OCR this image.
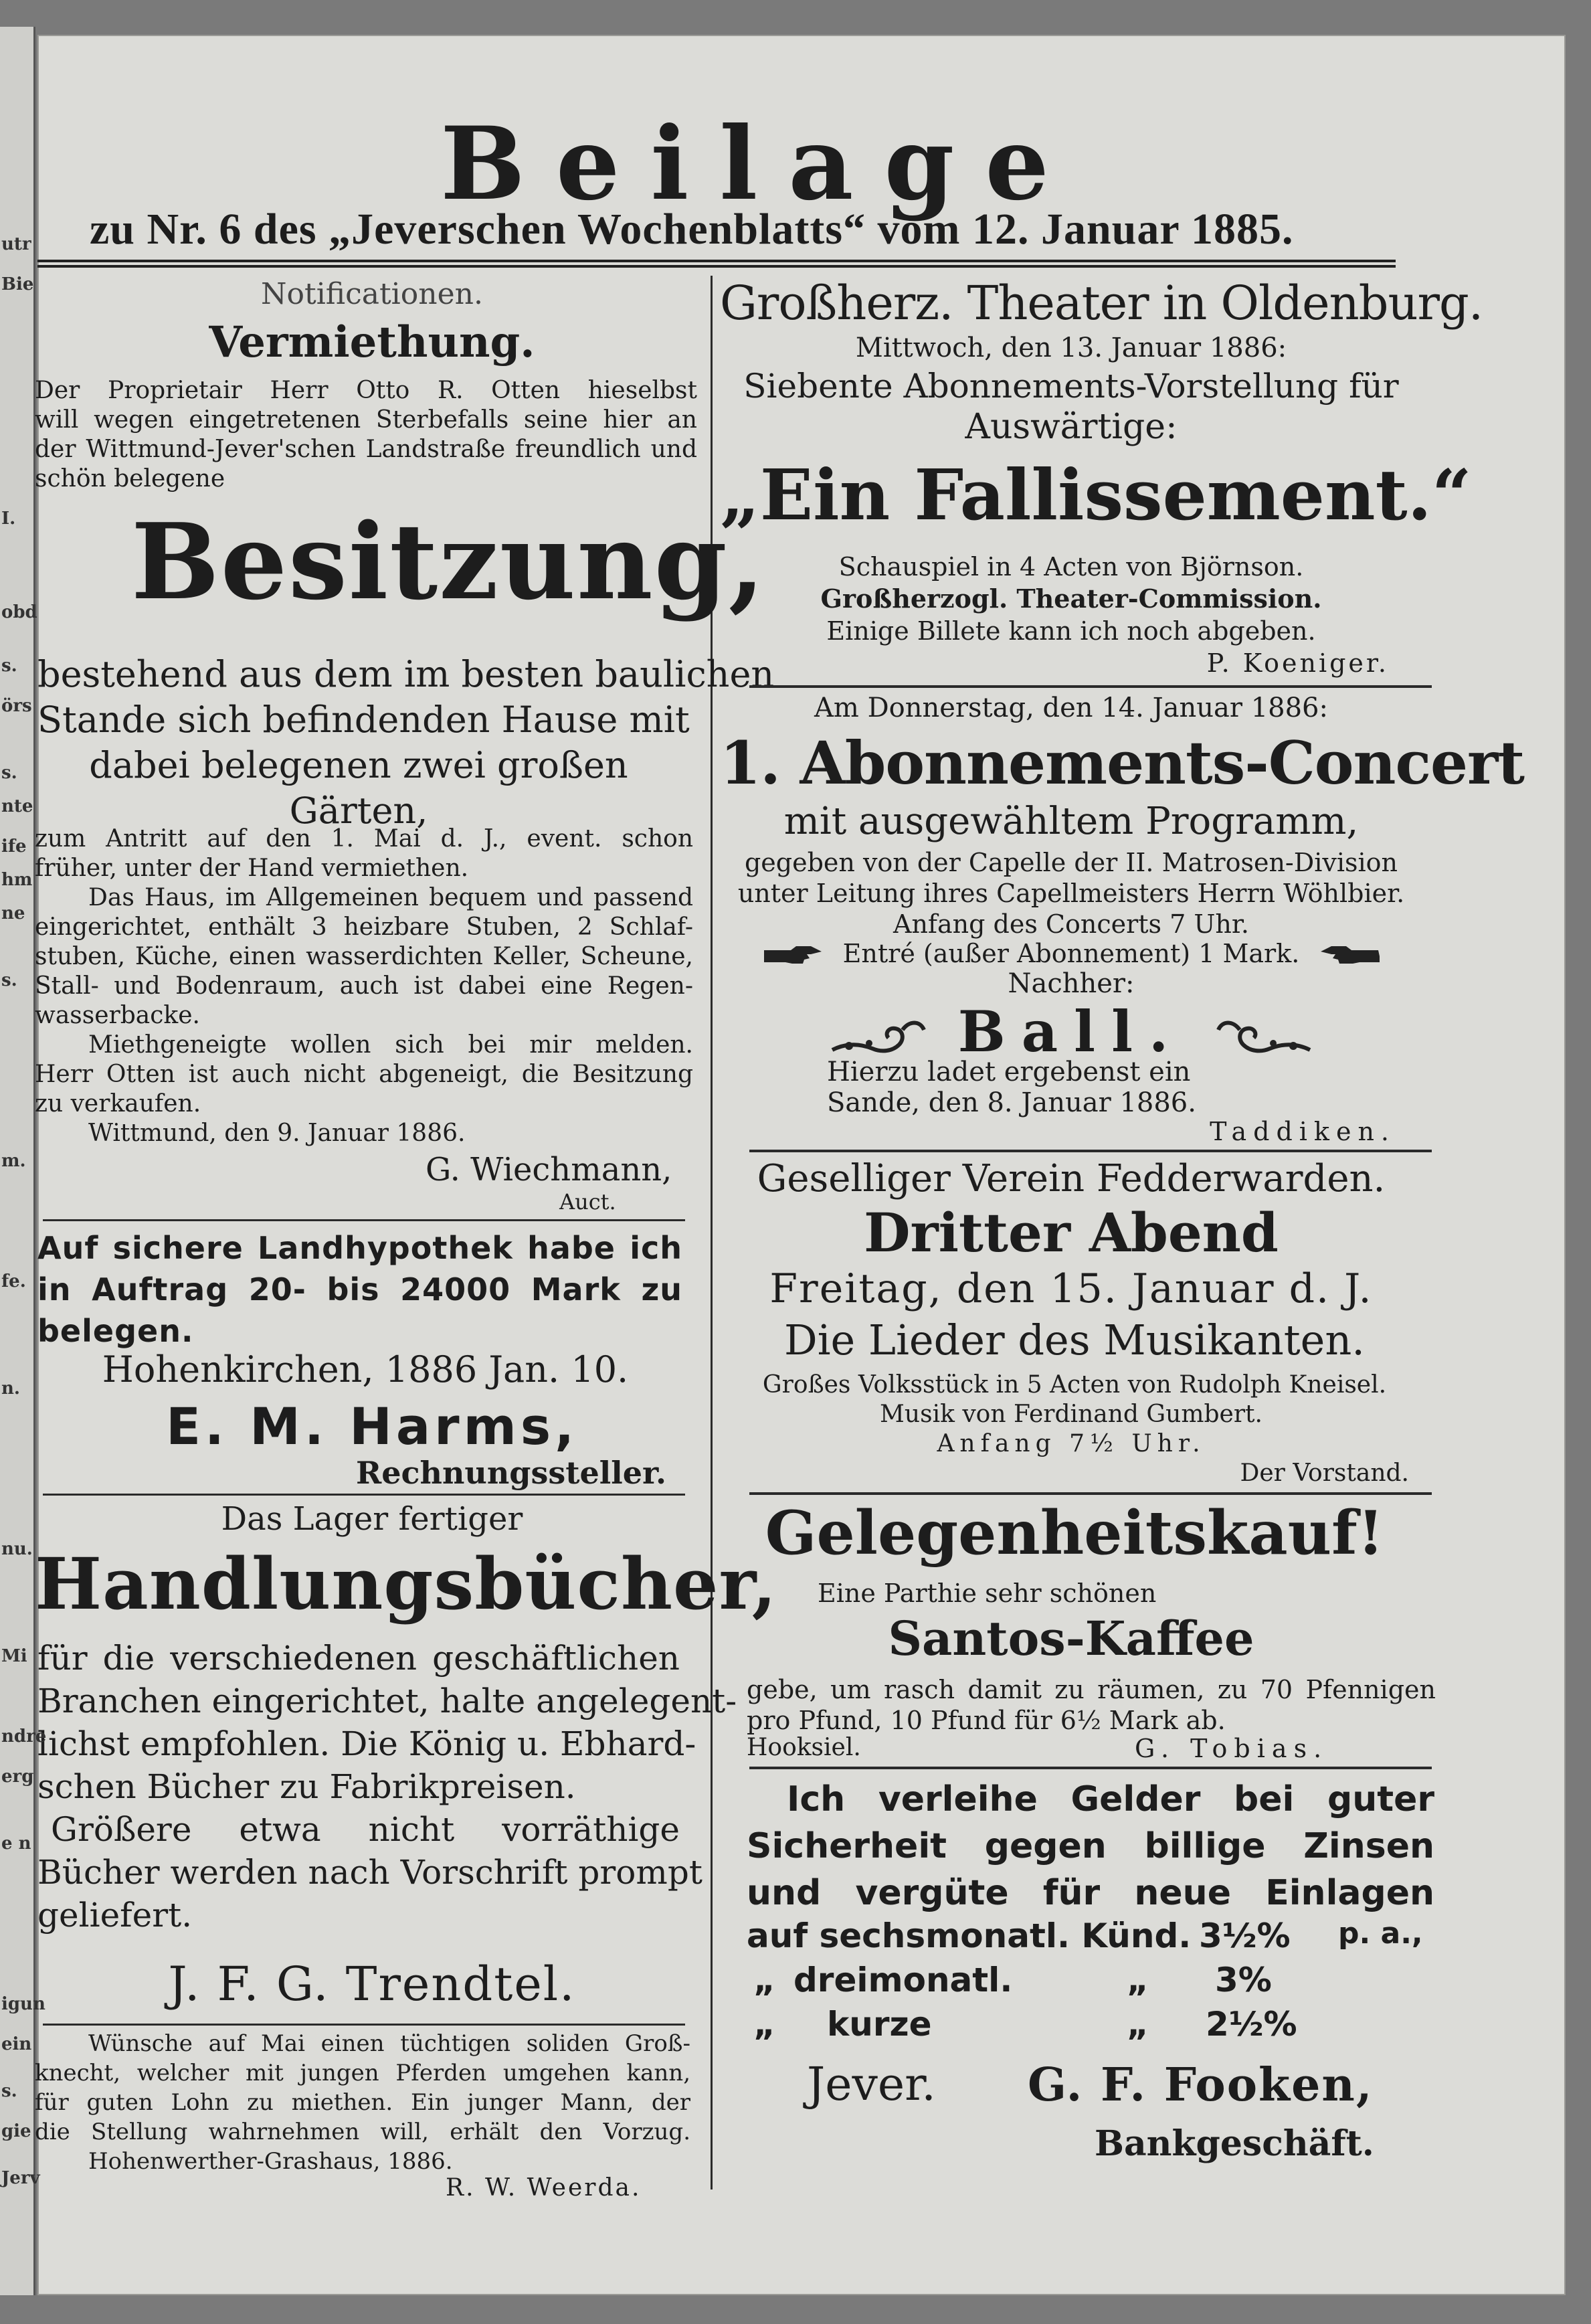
Beilage
zu Nr. 6 des „Jeverschen Wochenblatts“ vom 12. Januar 1885.
Notificationen.
Vermiethung.
Der Proprietair Herr Otto R. Otten hieselbst
will wegen eingetretenen Sterbefalls seine hier an
der Wittmund-Jever'schen Landstraße freundlich und
schön belegene
Besitzung,
bestehend aus dem im besten baulichen
Stande sich befindenden Hause mit
dabei belegenen zwei großen
Gärten,
zum Antritt auf den 1. Mai d. J., event. schon
früher, unter der Hand vermiethen.
Das Haus, im Allgemeinen bequem und passend
eingerichtet, enthält 3 heizbare Stuben, 2 Schlaf-
stuben, Küche, einen wasserdichten Keller, Scheune,
Stall- und Bodenraum, auch ist dabei eine Regen-
wasserbacke.
Miethgeneigte wollen sich bei mir melden.
Herr Otten ist auch nicht abgeneigt, die Besitzung
zu verkaufen.
Wittmund, den 9. Januar 1886.
G. Wiechmann,
Auct.
Auf sichere Landhypothek habe ich
in Auftrag 20- bis 24000 Mark zu
belegen.
Hohenkirchen, 1886 Jan. 10.
E. M. Harms,
Rechnungssteller.
Das Lager fertiger
Handlungsbücher,
für die verschiedenen geschäftlichen
Branchen eingerichtet, halte angelegent-
lichst empfohlen. Die König u. Ebhard-
schen Bücher zu Fabrikpreisen.
Größere etwa nicht vorräthige
Bücher werden nach Vorschrift prompt
geliefert.
J. F. G. Trendtel.
Wünsche auf Mai einen tüchtigen soliden Groß-
knecht, welcher mit jungen Pferden umgehen kann,
für guten Lohn zu miethen. Ein junger Mann, der
die Stellung wahrnehmen will, erhält den Vorzug.
Hohenwerther-Grashaus, 1886.
R. W. Weerda.
Großherz. Theater in Oldenburg.
Mittwoch, den 13. Januar 1886:
Siebente Abonnements-Vorstellung für
Auswärtige:
„Ein Fallissement.“
Schauspiel in 4 Acten von Björnson.
Großherzogl. Theater-Commission.
Einige Billete kann ich noch abgeben.
P. Koeniger.
Am Donnerstag, den 14. Januar 1886:
1. Abonnements-Concert
mit ausgewähltem Programm,
gegeben von der Capelle der II. Matrosen-Division
unter Leitung ihres Capellmeisters Herrn Wöhlbier.
Anfang des Concerts 7 Uhr.
Entré (außer Abonnement) 1 Mark.
Nachher:
Ball.
Hierzu ladet ergebenst ein
Sande, den 8. Januar 1886.
Taddiken.
Geselliger Verein Fedderwarden.
Dritter Abend
Freitag, den 15. Januar d. J.
Die Lieder des Musikanten.
Großes Volksstück in 5 Acten von Rudolph Kneisel.
Musik von Ferdinand Gumbert.
Anfang 7½ Uhr.
Der Vorstand.
Gelegenheitskauf!
Eine Parthie sehr schönen
Santos-Kaffee
gebe, um rasch damit zu räumen, zu 70 Pfennigen
pro Pfund, 10 Pfund für 6½ Mark ab.
Hooksiel.	G. Tobias.
Ich verleihe Gelder bei guter
Sicherheit gegen billige Zinsen
und vergüte für neue Einlagen
auf sechsmonatl. Künd. 3½% p. a.,
„ dreimonatl.	„ 3%
„ kurze	„ 2½%
Jever. G. F. Fooken,
Bankgeschäft.
utr
Bie
I.
obd
s.
örs
s.
nte
ife
hm
ne
s.
m.
fe.
n.
nu.
Mi
ndre
erg
e n
igun
ein
s.
gie
Jerv
